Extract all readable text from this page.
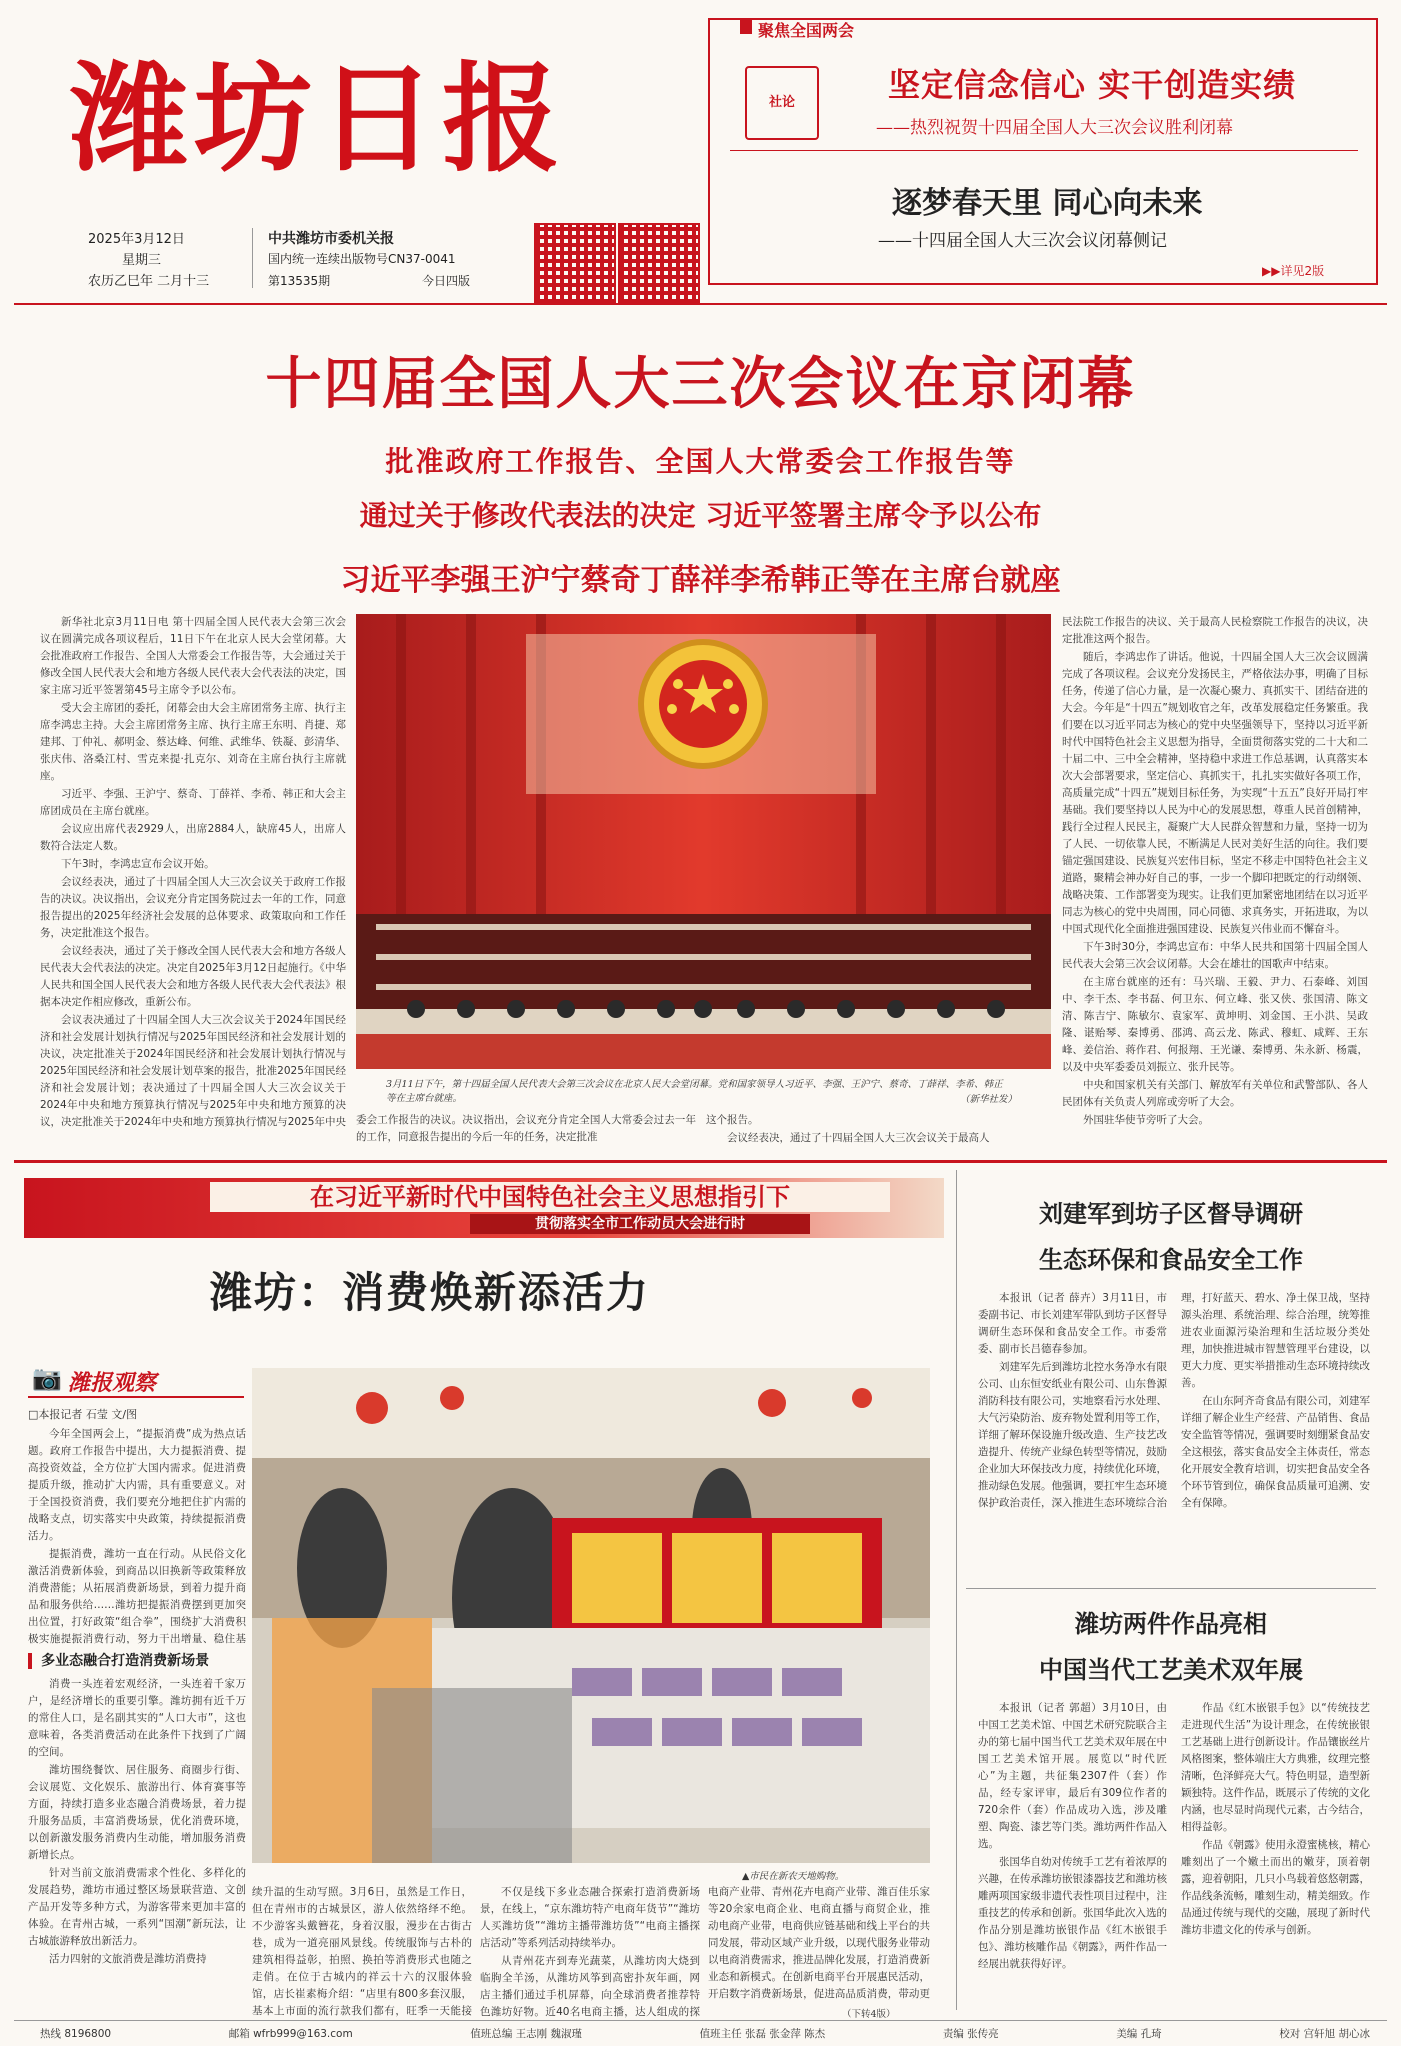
潍坊日报
2025年3月12日
星期三
农历乙巳年 二月十三
中共潍坊市委机关报
国内统一连续出版物号CN37-0041
第13535期	今日四版
聚焦全国两会
社论	坚定信念信心 实干创造实绩
——热烈祝贺十四届全国人大三次会议胜利闭幕
逐梦春天里 同心向未来
——十四届全国人大三次会议闭幕侧记
▶▶详见2版
十四届全国人大三次会议在京闭幕
批准政府工作报告、全国人大常委会工作报告等
通过关于修改代表法的决定 习近平签署主席令予以公布
习近平李强王沪宁蔡奇丁薛祥李希韩正等在主席台就座

新华社北京3月11日电 第十四届全国人民代表大会第三次会议在圆满完成各项议程后，11日下午在北京人民大会堂闭幕。大会批准政府工作报告、全国人大常委会工作报告等，大会通过关于修改全国人民代表大会和地方各级人民代表大会代表法的决定，国家主席习近平签署第45号主席令予以公布。

受大会主席团的委托，闭幕会由大会主席团常务主席、执行主席李鸿忠主持。大会主席团常务主席、执行主席王东明、肖捷、郑建邦、丁仲礼、郝明金、蔡达峰、何维、武维华、铁凝、彭清华、张庆伟、洛桑江村、雪克来提·扎克尔、刘奇在主席台执行主席就座。

习近平、李强、王沪宁、蔡奇、丁薛祥、李希、韩正和大会主席团成员在主席台就座。

会议应出席代表2929人，出席2884人，缺席45人，出席人数符合法定人数。

下午3时，李鸿忠宣布会议开始。

会议经表决，通过了十四届全国人大三次会议关于政府工作报告的决议。决议指出，会议充分肯定国务院过去一年的工作，同意报告提出的2025年经济社会发展的总体要求、政策取向和工作任务，决定批准这个报告。

会议经表决，通过了关于修改全国人民代表大会和地方各级人民代表大会代表法的决定。决定自2025年3月12日起施行。《中华人民共和国全国人民代表大会和地方各级人民代表大会代表法》根据本决定作相应修改，重新公布。

会议表决通过了十四届全国人大三次会议关于2024年国民经济和社会发展计划执行情况与2025年国民经济和社会发展计划的决议，决定批准关于2024年国民经济和社会发展计划执行情况与2025年国民经济和社会发展计划草案的报告，批准2025年国民经济和社会发展计划；表决通过了十四届全国人大三次会议关于2024年中央和地方预算执行情况与2025年中央和地方预算的决议，决定批准关于2024年中央和地方预算执行情况与2025年中央

3月11日下午，第十四届全国人民代表大会第三次会议在北京人民大会堂闭幕。党和国家领导人习近平、李强、王沪宁、蔡奇、丁薛祥、李希、韩正等在主席台就座。	（新华社发）

委会工作报告的决议。决议指出，会议充分肯定全国人大常委会过去一年的工作，同意报告提出的今后一年的任务，决定批准

这个报告。

会议经表决，通过了十四届全国人大三次会议关于最高人

民法院工作报告的决议、关于最高人民检察院工作报告的决议，决定批准这两个报告。

随后，李鸿忠作了讲话。他说，十四届全国人大三次会议圆满完成了各项议程。会议充分发扬民主，严格依法办事，明确了目标任务，传递了信心力量，是一次凝心聚力、真抓实干、团结奋进的大会。今年是“十四五”规划收官之年，改革发展稳定任务繁重。我们要在以习近平同志为核心的党中央坚强领导下，坚持以习近平新时代中国特色社会主义思想为指导，全面贯彻落实党的二十大和二十届二中、三中全会精神，坚持稳中求进工作总基调，认真落实本次大会部署要求，坚定信心、真抓实干，扎扎实实做好各项工作，高质量完成“十四五”规划目标任务，为实现“十五五”良好开局打牢基础。我们要坚持以人民为中心的发展思想，尊重人民首创精神，践行全过程人民民主，凝聚广大人民群众智慧和力量，坚持一切为了人民、一切依靠人民，不断满足人民对美好生活的向往。我们要锚定强国建设、民族复兴宏伟目标，坚定不移走中国特色社会主义道路，聚精会神办好自己的事，一步一个脚印把既定的行动纲领、战略决策、工作部署变为现实。让我们更加紧密地团结在以习近平同志为核心的党中央周围，同心同德、求真务实，开拓进取，为以中国式现代化全面推进强国建设、民族复兴伟业而不懈奋斗。

下午3时30分，李鸿忠宣布：中华人民共和国第十四届全国人民代表大会第三次会议闭幕。大会在雄壮的国歌声中结束。

在主席台就座的还有：马兴瑞、王毅、尹力、石泰峰、刘国中、李干杰、李书磊、何卫东、何立峰、张又侠、张国清、陈文清、陈吉宁、陈敏尔、袁家军、黄坤明、刘金国、王小洪、吴政隆、谌贻琴、秦博勇、邵鸿、高云龙、陈武、穆虹、咸辉、王东峰、姜信治、蒋作君、何报翔、王光谦、秦博勇、朱永新、杨震，以及中央军委委员刘振立、张升民等。

中央和国家机关有关部门、解放军有关单位和武警部队、各人民团体有关负责人列席或旁听了大会。

外国驻华使节旁听了大会。

在习近平新时代中国特色社会主义思想指引下
贯彻落实全市工作动员大会进行时
潍坊：消费焕新添活力
📷 潍报观察
□本报记者 石莹 文/图

今年全国两会上，“提振消费”成为热点话题。政府工作报告中提出，大力提振消费、提高投资效益，全方位扩大国内需求。促进消费提质升级，推动扩大内需，具有重要意义。对于全国投资消费，我们要充分地把住扩内需的战略支点，切实落实中央政策，持续提振消费活力。

提振消费，潍坊一直在行动。从民俗文化激活消费新体验，到商品以旧换新等政策释放消费潜能；从拓展消费新场景，到着力提升商品和服务供给……潍坊把提振消费摆到更加突出位置，打好政策“组合拳”，围绕扩大消费积极实施提振消费行动，努力干出增量、稳住基

多业态融合打造消费新场景

消费一头连着宏观经济，一头连着千家万户，是经济增长的重要引擎。潍坊拥有近千万的常住人口，是名副其实的“人口大市”，这也意味着，各类消费活动在此条件下找到了广阔的空间。

潍坊围绕餐饮、居住服务、商圈步行街、会议展览、文化娱乐、旅游出行、体育赛事等方面，持续打造多业态融合消费场景，着力提升服务品质，丰富消费场景，优化消费环境，以创新激发服务消费内生动能，增加服务消费新增长点。

针对当前文旅消费需求个性化、多样化的发展趋势，潍坊市通过整区场景联营造、文创产品开发等多种方式，为游客带来更加丰富的体验。在青州古城，一系列“国潮”新玩法，让古城旅游释放出新活力。

活力四射的文旅消费是潍坊消费持

▲市民在新农天地购物。

续升温的生动写照。3月6日，虽然是工作日，但在青州市的古城景区，游人依然络绎不绝。不少游客头戴簪花，身着汉服，漫步在古街古巷，成为一道亮丽风景线。传统服饰与古朴的建筑相得益彰，拍照、换拍等消费形式也随之走俏。在位于古城内的祥云十六的汉服体验馆，店长崔素梅介绍：“店里有800多套汉服，基本上市面的流行款我们都有，旺季一天能接

不仅是线下多业态融合探索打造消费新场景，在线上，“京东潍坊特产电商年货节”“潍坊人买潍坊货”“潍坊主播带潍坊货”“电商主播探店活动”等系列活动持续举办。

从青州花卉到寿光蔬菜，从潍坊肉大烧到临朐全羊汤，从潍坊风筝到高密扑灰年画，网店主播们通过手机屏幕，向全球消费者推荐特色潍坊好物。近40名电商主播，达人组成的探

电商产业带、青州花卉电商产业带、潍百佳乐家等20余家电商企业、电商直播与商贸企业，推动电商产业带，电商供应链基础和线上平台的共同发展，带动区域产业升级，以现代服务业带动以电商消费需求，推进品牌化发展，打造消费新业态和新模式。在创新电商平台开展惠民活动，开启数字消费新场景，促进高品质消费，带动更

（下转4版）
刘建军到坊子区督导调研
生态环保和食品安全工作

本报讯（记者 薛卉）3月11日，市委副书记、市长刘建军带队到坊子区督导调研生态环保和食品安全工作。市委常委、副市长吕德春参加。

刘建军先后到潍坊北控水务净水有限公司、山东恒安纸业有限公司、山东鲁源消防科技有限公司，实地察看污水处理、大气污染防治、废弃物处置利用等工作，详细了解环保设施升级改造、生产技艺改造提升、传统产业绿色转型等情况，鼓励企业加大环保技改力度，持续优化环境，推动绿色发展。他强调，要扛牢生态环境保护政治责任，深入推进生态环境综合治理，打好蓝天、碧水、净土保卫战，坚持源头治理、系统治理、综合治理，统筹推进农业面源污染治理和生活垃圾分类处理，加快推进城市智慧管理平台建设，以更大力度、更实举措推动生态环境持续改善。

在山东阿齐奇食品有限公司，刘建军详细了解企业生产经营、产品销售、食品安全监管等情况，强调要时刻绷紧食品安全这根弦，落实食品安全主体责任，常态化开展安全教育培训，切实把食品安全各个环节管到位，确保食品质量可追溯、安全有保障。

潍坊两件作品亮相
中国当代工艺美术双年展

本报讯（记者 郭超）3月10日，由中国工艺美术馆、中国艺术研究院联合主办的第七届中国当代工艺美术双年展在中国工艺美术馆开展。展览以“时代匠心”为主题，共征集2307件（套）作品，经专家评审，最后有309位作者的720余件（套）作品成功入选，涉及雕塑、陶瓷、漆艺等门类。潍坊两件作品入选。

张国华自幼对传统手工艺有着浓厚的兴趣，在传承潍坊嵌银漆器技艺和潍坊核雕两项国家级非遗代表性项目过程中，注重技艺的传承和创新。张国华此次入选的作品分别是潍坊嵌银作品《红木嵌银手包》、潍坊核雕作品《朝露》，两件作品一经展出就获得好评。

作品《红木嵌银手包》以“传统技艺走进现代生活”为设计理念，在传统嵌银工艺基础上进行创新设计。作品镶嵌丝片风格图案，整体端庄大方典雅，纹理完整清晰，色泽鲜亮大气。特色明显，造型新颖独特。这件作品，既展示了传统的文化内涵，也尽显时尚现代元素，古今结合，相得益彰。

作品《朝露》使用永澄蜜桃核，精心雕刻出了一个嫩土而出的嫩芽，顶着朝露，迎着朝阳，几只小鸟载着悠悠朝露，作品线条流畅，雕刻生动，精美细致。作品通过传统与现代的交融，展现了新时代潍坊非遗文化的传承与创新。

热线 8196800	邮箱 wfrb999@163.com	值班总编 王志刚 魏淑瑾	值班主任 张磊 张金萍 陈杰	责编 张传亮	美编 孔琦	校对 宫轩旭 胡心冰
